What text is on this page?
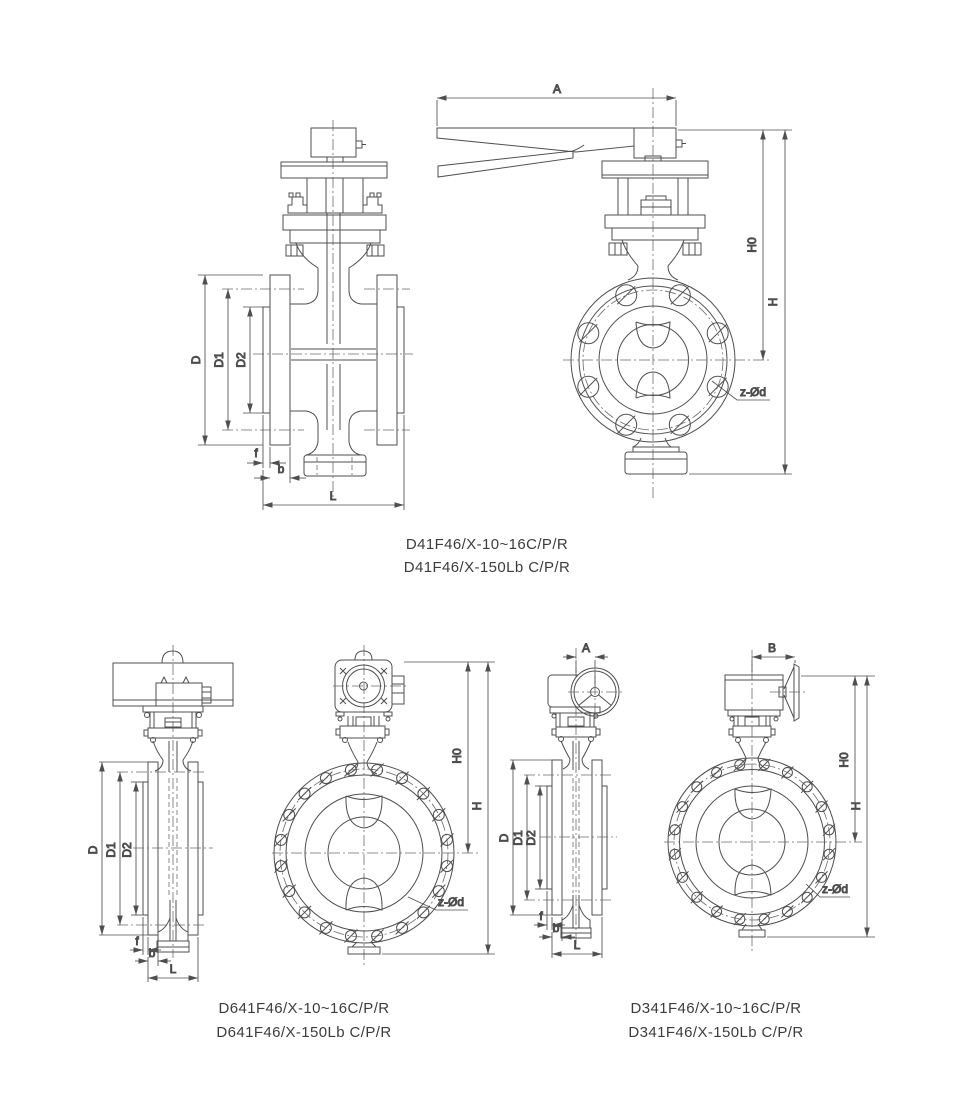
D D1 D2
f
b
L
A
z-Ød
H0
H
D41F46/X-10~16C/P/R
D41F46/X-150Lb C/P/R
D D1 D2
f
b
L
z-Ød
H0
H
D641F46/X-10~16C/P/R
D641F46/X-150Lb C/P/R
A
D D1 D2
f
b
L
B
z-Ød
H0
H
D341F46/X-10~16C/P/R
D341F46/X-150Lb C/P/R
